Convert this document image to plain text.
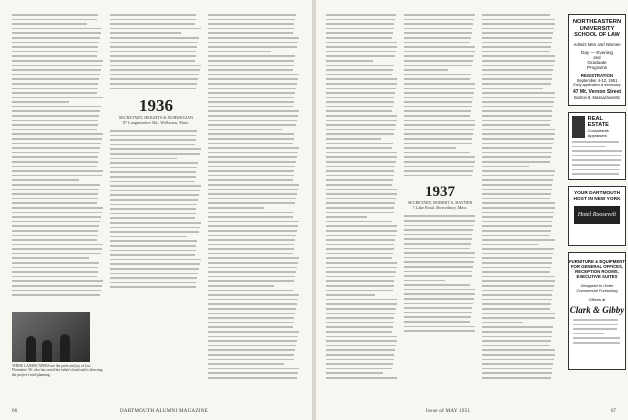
1936
SECRETARY, HEIGHTS & NORWEGIAN
87 Longmeadow Rd., Wollaston, Mass.
THESE LANDSCAPERS are the pride and joy of Leo Florentine '36, who has saved her father's hand and is directing the project's mid-planning.
66	DARTMOUTH ALUMNI MAGAZINE
1937
SECRETARY, ROBERT A. RAYNER
7 Lake Road, Shrewsbury, Mass.
NORTHEASTERN UNIVERSITY
SCHOOL OF LAW
Admits Men and Women
Day — Evening
and
Graduate
Programs
REGISTRATION
September 4-12, 1951
Early application is necessary
47 Mt. Vernon Street
Boston 8, Massachusetts
REAL ESTATE
Consultants
Appraisers
YOUR DARTMOUTH HOST IN NEW YORK
Hotel Roosevelt
FURNITURE & EQUIPMENT
FOR GENERAL OFFICES,
RECEPTION ROOMS,
EXECUTIVE SUITES
Designed to Order
Commercial Furnishing
Offices at
Clark & Gibby
Issue of MAY 1951	67
